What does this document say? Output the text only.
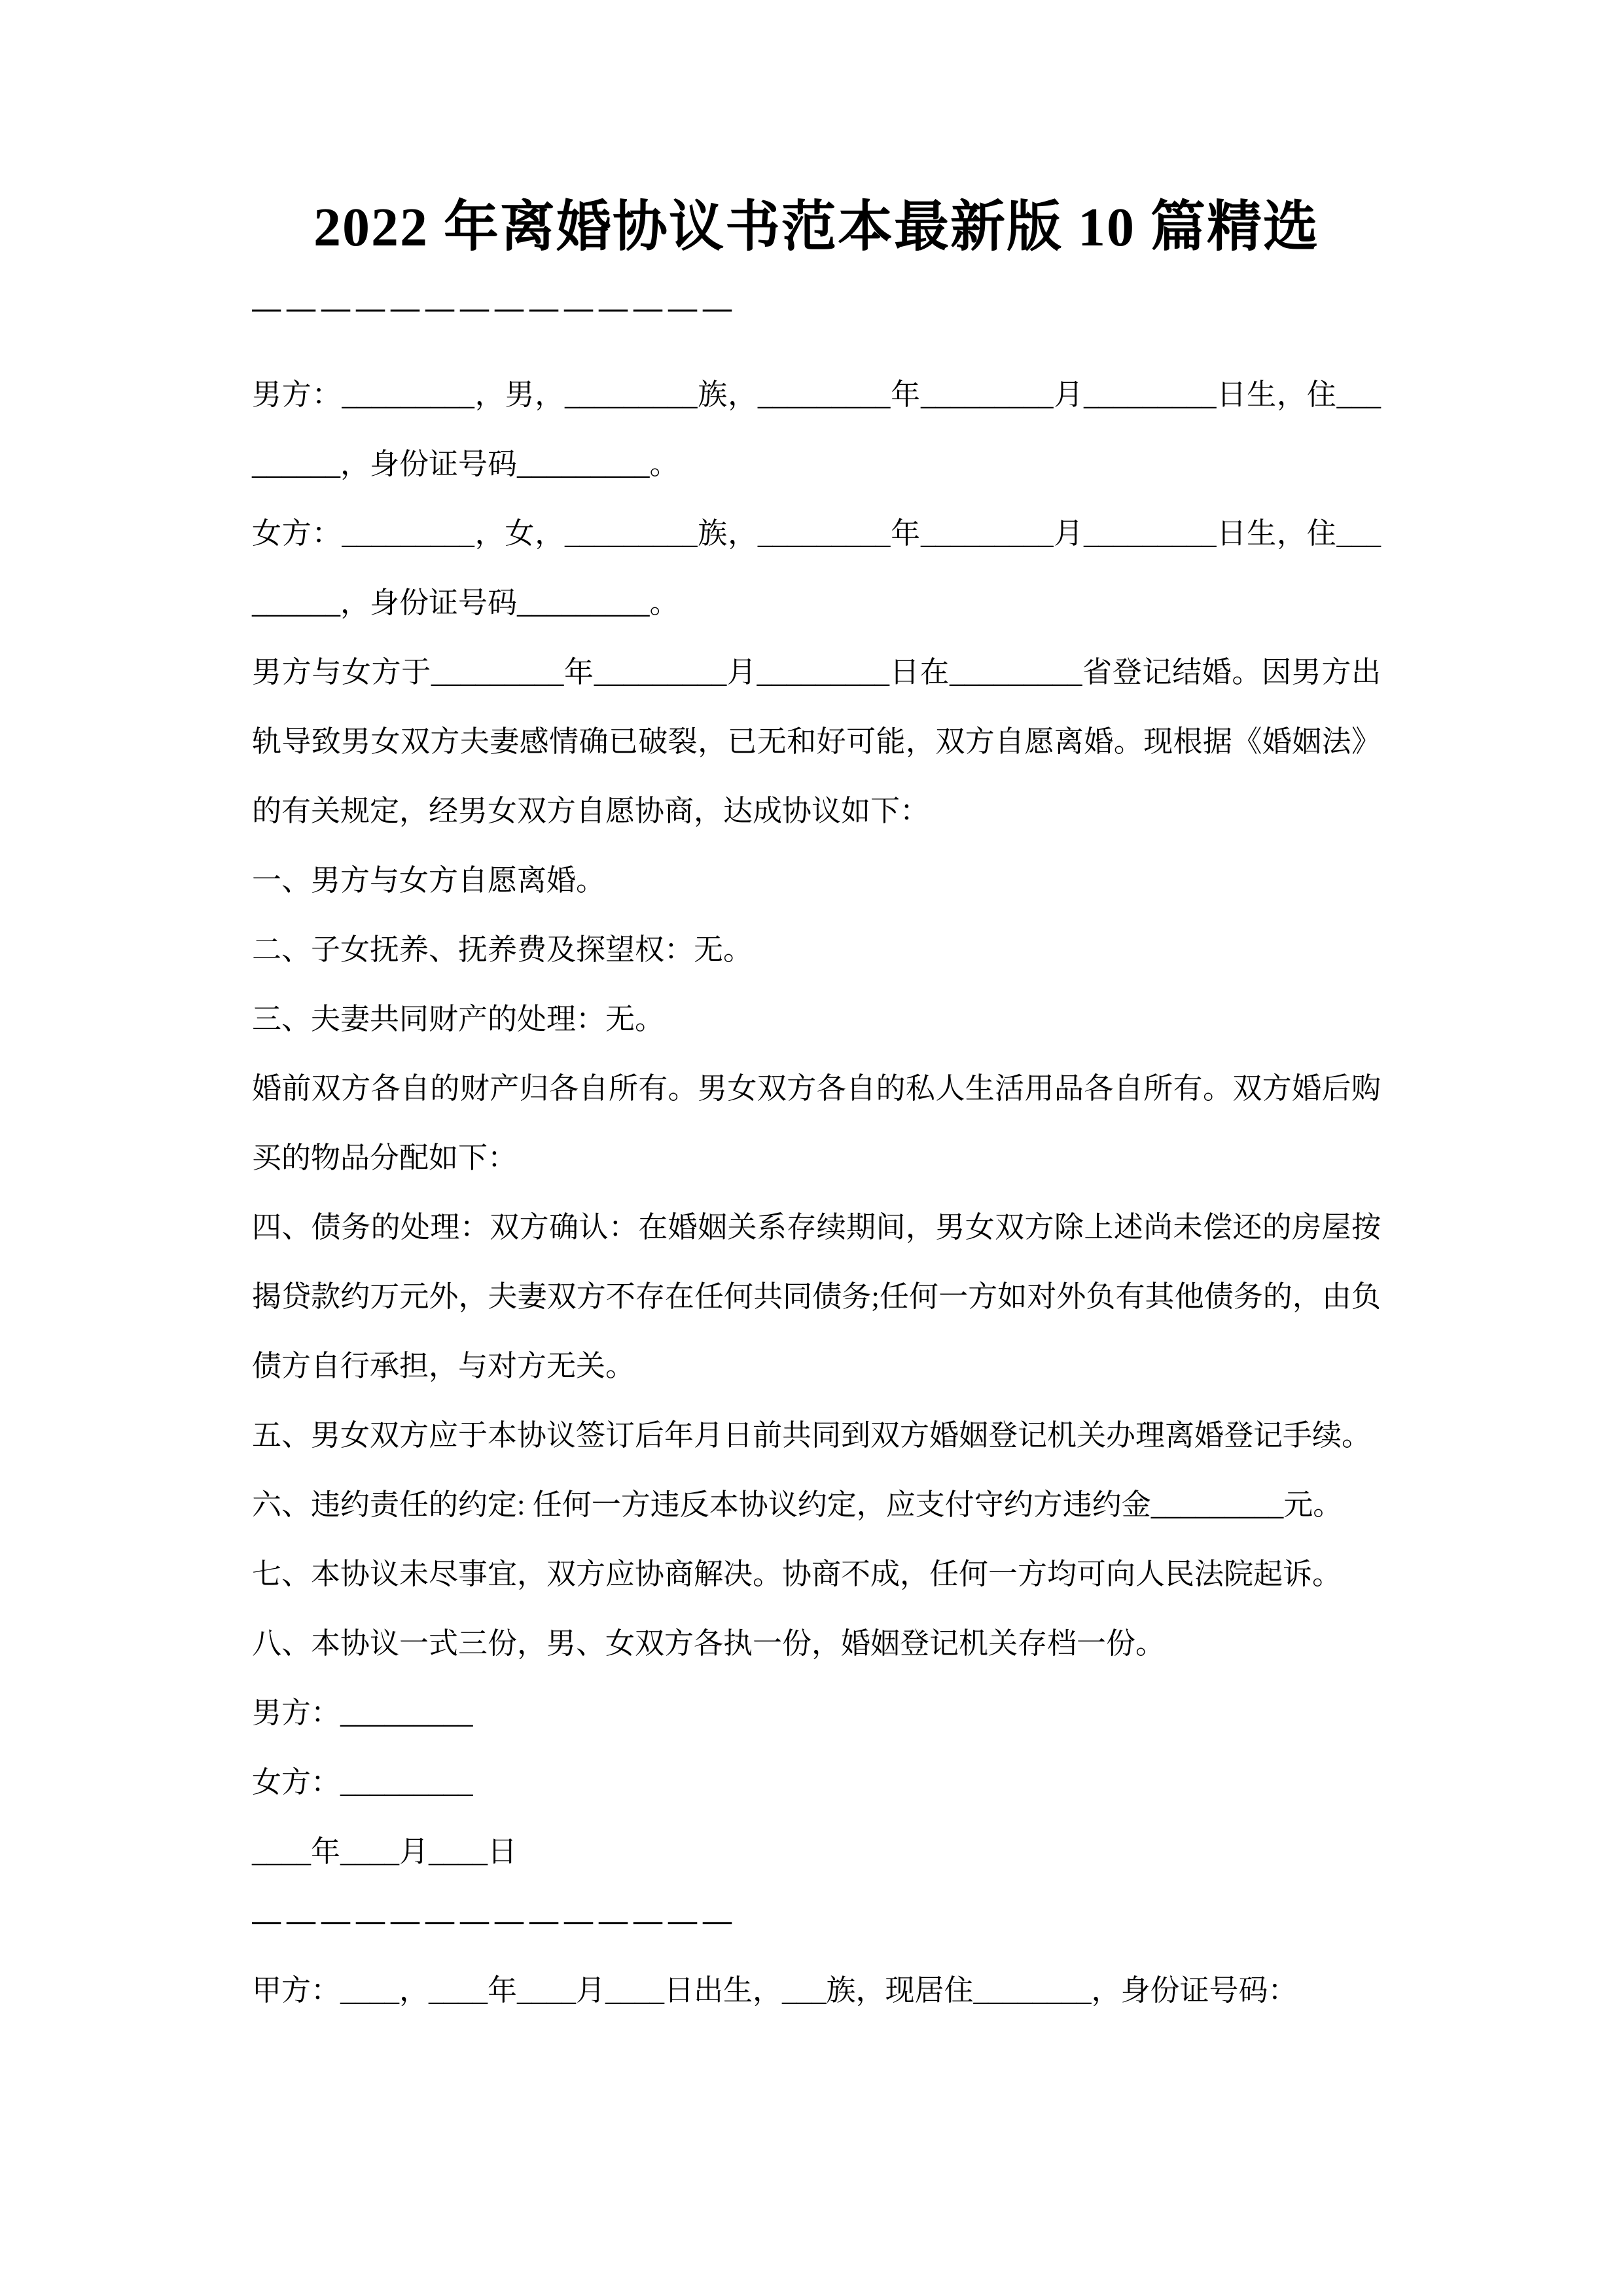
2022 年离婚协议书范本最新版 10 篇精选
——————————————

男方：_________，男，_________族，_________年_________月_________日生，住_________，身份证号码_________。

女方：_________，女，_________族，_________年_________月_________日生，住_________，身份证号码_________。

男方与女方于_________年_________月_________日在_________省登记结婚。因男方出轨导致男女双方夫妻感情确已破裂，已无和好可能，双方自愿离婚。现根据《婚姻法》的有关规定，经男女双方自愿协商，达成协议如下：

一、男方与女方自愿离婚。

二、子女抚养、抚养费及探望权：无。

三、夫妻共同财产的处理：无。

婚前双方各自的财产归各自所有。男女双方各自的私人生活用品各自所有。双方婚后购买的物品分配如下：

四、债务的处理：双方确认：在婚姻关系存续期间，男女双方除上述尚未偿还的房屋按揭贷款约万元外，夫妻双方不存在任何共同债务;任何一方如对外负有其他债务的，由负债方自行承担，与对方无关。

五、男女双方应于本协议签订后年月日前共同到双方婚姻登记机关办理离婚登记手续。

六、违约责任的约定: 任何一方违反本协议约定，应支付守约方违约金_________元。

七、本协议未尽事宜，双方应协商解决。协商不成，任何一方均可向人民法院起诉。

八、本协议一式三份，男、女双方各执一份，婚姻登记机关存档一份。

男方：_________

女方：_________

____年____月____日

——————————————

甲方：____，____年____月____日出生，___族，现居住________，身份证号码：
